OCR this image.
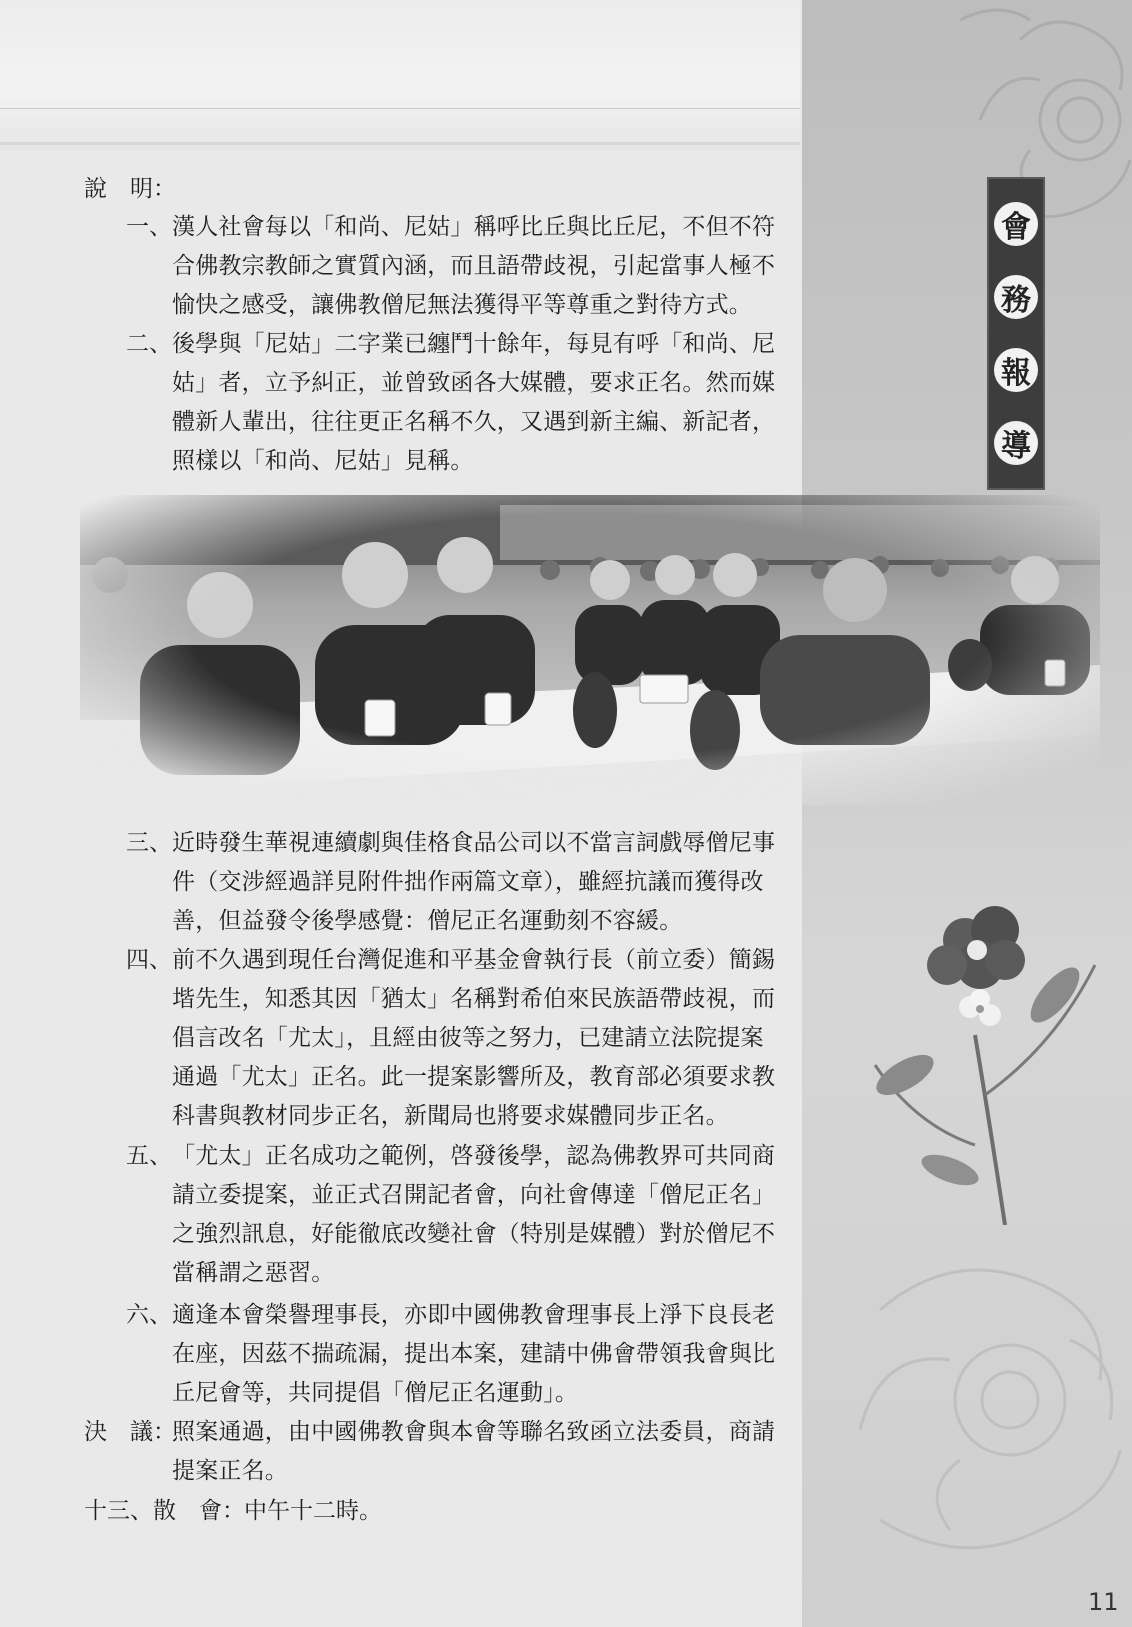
會
務
報
導
說　明：
一、 漢人社會每以「和尚、尼姑」稱呼比丘與比丘尼，不但不符
合佛教宗教師之實質內涵，而且語帶歧視，引起當事人極不
愉快之感受，讓佛教僧尼無法獲得平等尊重之對待方式。
二、 後學與「尼姑」二字業已纏鬥十餘年，每見有呼「和尚、尼
姑」者，立予糾正，並曾致函各大媒體，要求正名。然而媒
體新人輩出，往往更正名稱不久，又遇到新主編、新記者，
照樣以「和尚、尼姑」見稱。
三、 近時發生華視連續劇與佳格食品公司以不當言詞戲辱僧尼事
件（交涉經過詳見附件拙作兩篇文章），雖經抗議而獲得改
善，但益發令後學感覺：僧尼正名運動刻不容緩。
四、 前不久遇到現任台灣促進和平基金會執行長（前立委）簡錫
堦先生，知悉其因「猶太」名稱對希伯來民族語帶歧視，而
倡言改名「尤太」，且經由彼等之努力，已建請立法院提案
通過「尤太」正名。此一提案影響所及，教育部必須要求教
科書與教材同步正名，新聞局也將要求媒體同步正名。
五、 「尤太」正名成功之範例，啓發後學，認為佛教界可共同商
請立委提案，並正式召開記者會，向社會傳達「僧尼正名」
之強烈訊息，好能徹底改變社會（特別是媒體）對於僧尼不
當稱謂之惡習。
六、 適逢本會榮譽理事長，亦即中國佛教會理事長上淨下良長老
在座，因茲不揣疏漏，提出本案，建請中佛會帶領我會與比
丘尼會等，共同提倡「僧尼正名運動」。
決　議：
照案通過，由中國佛教會與本會等聯名致函立法委員，商請
提案正名。
十三、散　會： 中午十二時。
11
